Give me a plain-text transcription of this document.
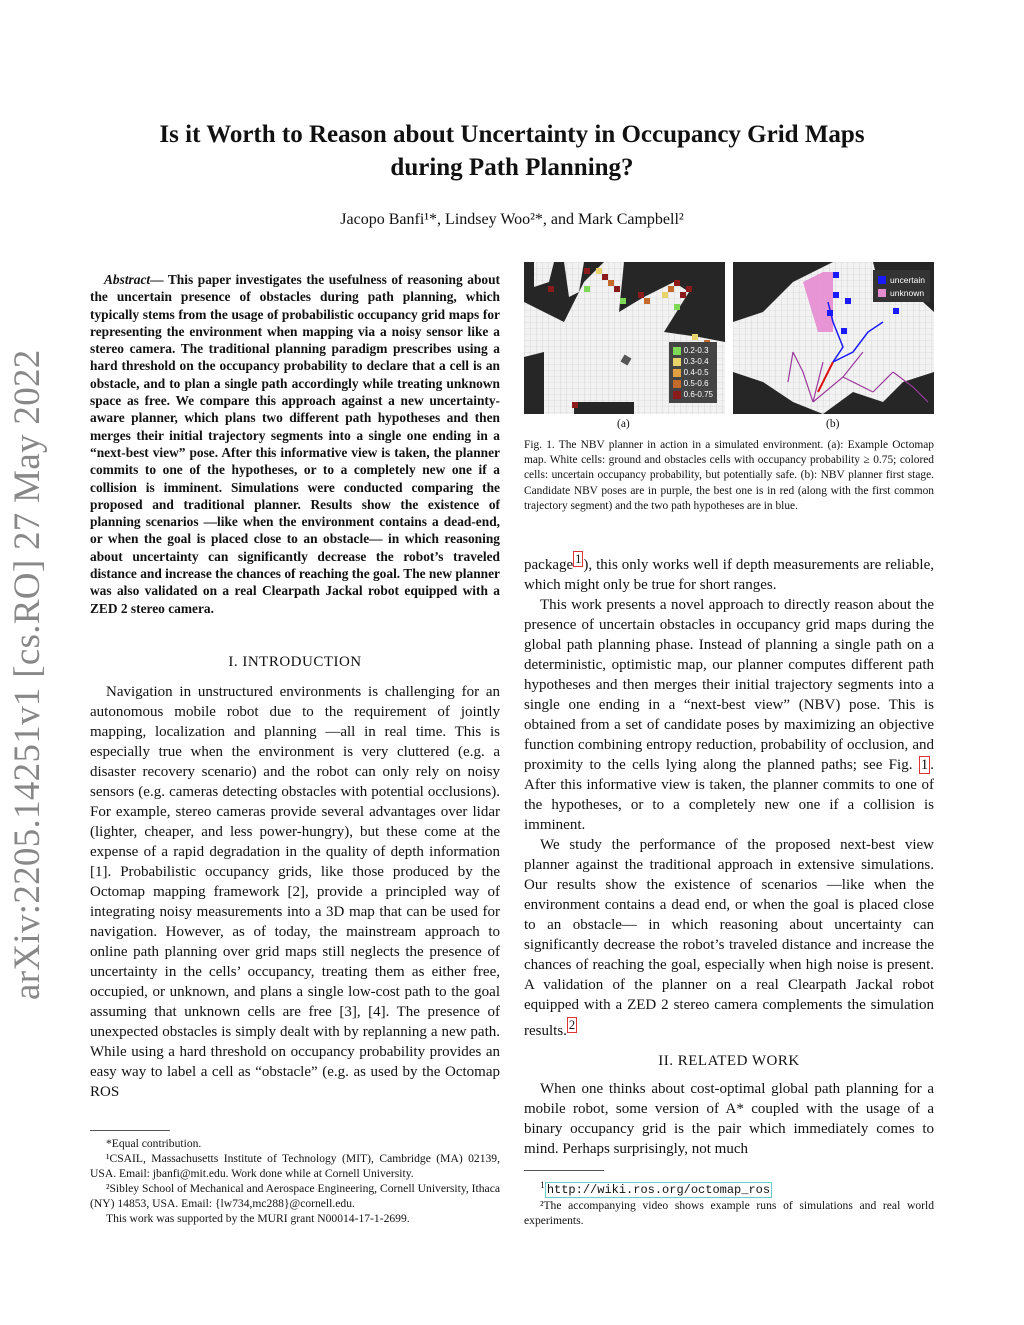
arXiv:2205.14251v1 [cs.RO] 27 May 2022
Is it Worth to Reason about Uncertainty in Occupancy Grid Maps
during Path Planning?
Jacopo Banfi¹*, Lindsey Woo²*, and Mark Campbell²
Abstract— This paper investigates the usefulness of reasoning about the uncertain presence of obstacles during path planning, which typically stems from the usage of probabilistic occupancy grid maps for representing the environment when mapping via a noisy sensor like a stereo camera. The traditional planning paradigm prescribes using a hard threshold on the occupancy probability to declare that a cell is an obstacle, and to plan a single path accordingly while treating unknown space as free. We compare this approach against a new uncertainty-aware planner, which plans two different path hypotheses and then merges their initial trajectory segments into a single one ending in a “next-best view” pose. After this informative view is taken, the planner commits to one of the hypotheses, or to a completely new one if a collision is imminent. Simulations were conducted comparing the proposed and traditional planner. Results show the existence of planning scenarios —like when the environment contains a dead-end, or when the goal is placed close to an obstacle— in which reasoning about uncertainty can significantly decrease the robot’s traveled distance and increase the chances of reaching the goal. The new planner was also validated on a real Clearpath Jackal robot equipped with a ZED 2 stereo camera.
I. INTRODUCTION

Navigation in unstructured environments is challenging for an autonomous mobile robot due to the requirement of jointly mapping, localization and planning —all in real time. This is especially true when the environment is very cluttered (e.g. a disaster recovery scenario) and the robot can only rely on noisy sensors (e.g. cameras detecting obstacles with potential occlusions). For example, stereo cameras provide several advantages over lidar (lighter, cheaper, and less power-hungry), but these come at the expense of a rapid degradation in the quality of depth information [1]. Probabilistic occupancy grids, like those produced by the Octomap mapping framework [2], provide a principled way of integrating noisy measurements into a 3D map that can be used for navigation. However, as of today, the mainstream approach to online path planning over grid maps still neglects the presence of uncertainty in the cells’ occupancy, treating them as either free, occupied, or unknown, and plans a single low-cost path to the goal assuming that unknown cells are free [3], [4]. The presence of unexpected obstacles is simply dealt with by replanning a new path. While using a hard threshold on occupancy probability provides an easy way to label a cell as “obstacle” (e.g. as used by the Octomap ROS

*Equal contribution.
¹CSAIL, Massachusetts Institute of Technology (MIT), Cambridge (MA) 02139, USA. Email: jbanfi@mit.edu. Work done while at Cornell University.
²Sibley School of Mechanical and Aerospace Engineering, Cornell University, Ithaca (NY) 14853, USA. Email: {lw734,mc288}@cornell.edu.
This work was supported by the MURI grant N00014-17-1-2699.
0.2-0.3
0.3-0.4
0.4-0.5
0.5-0.6
0.6-0.75
uncertain
unknown
(a)	(b)
Fig. 1. The NBV planner in action in a simulated environment. (a): Example Octomap map. White cells: ground and obstacles cells with occupancy probability ≥ 0.75; colored cells: uncertain occupancy probability, but potentially safe. (b): NBV planner first stage. Candidate NBV poses are in purple, the best one is in red (along with the first common trajectory segment) and the two path hypotheses are in blue.

package $^1$ ), this only works well if depth measurements are reliable, which might only be true for short ranges.

This work presents a novel approach to directly reason about the presence of uncertain obstacles in occupancy grid maps during the global path planning phase. Instead of planning a single path on a deterministic, optimistic map, our planner computes different path hypotheses and then merges their initial trajectory segments into a single one ending in a “next-best view” (NBV) pose. This is obtained from a set of candidate poses by maximizing an objective function combining entropy reduction, probability of occlusion, and proximity to the cells lying along the planned paths; see Fig. 1 . After this informative view is taken, the planner commits to one of the hypotheses, or to a completely new one if a collision is imminent.

We study the performance of the proposed next-best view planner against the traditional approach in extensive simulations. Our results show the existence of scenarios —like when the environment contains a dead end, or when the goal is placed close to an obstacle— in which reasoning about uncertainty can significantly decrease the robot’s traveled distance and increase the chances of reaching the goal, especially when high noise is present. A validation of the planner on a real Clearpath Jackal robot equipped with a ZED 2 stereo camera complements the simulation results. $^2$

II. RELATED WORK

When one thinks about cost-optimal global path planning for a mobile robot, some version of A* coupled with the usage of a binary occupancy grid is the pair which immediately comes to mind. Perhaps surprisingly, not much

$^1$ http://wiki.ros.org/octomap_ros
²The accompanying video shows example runs of simulations and real world experiments.
